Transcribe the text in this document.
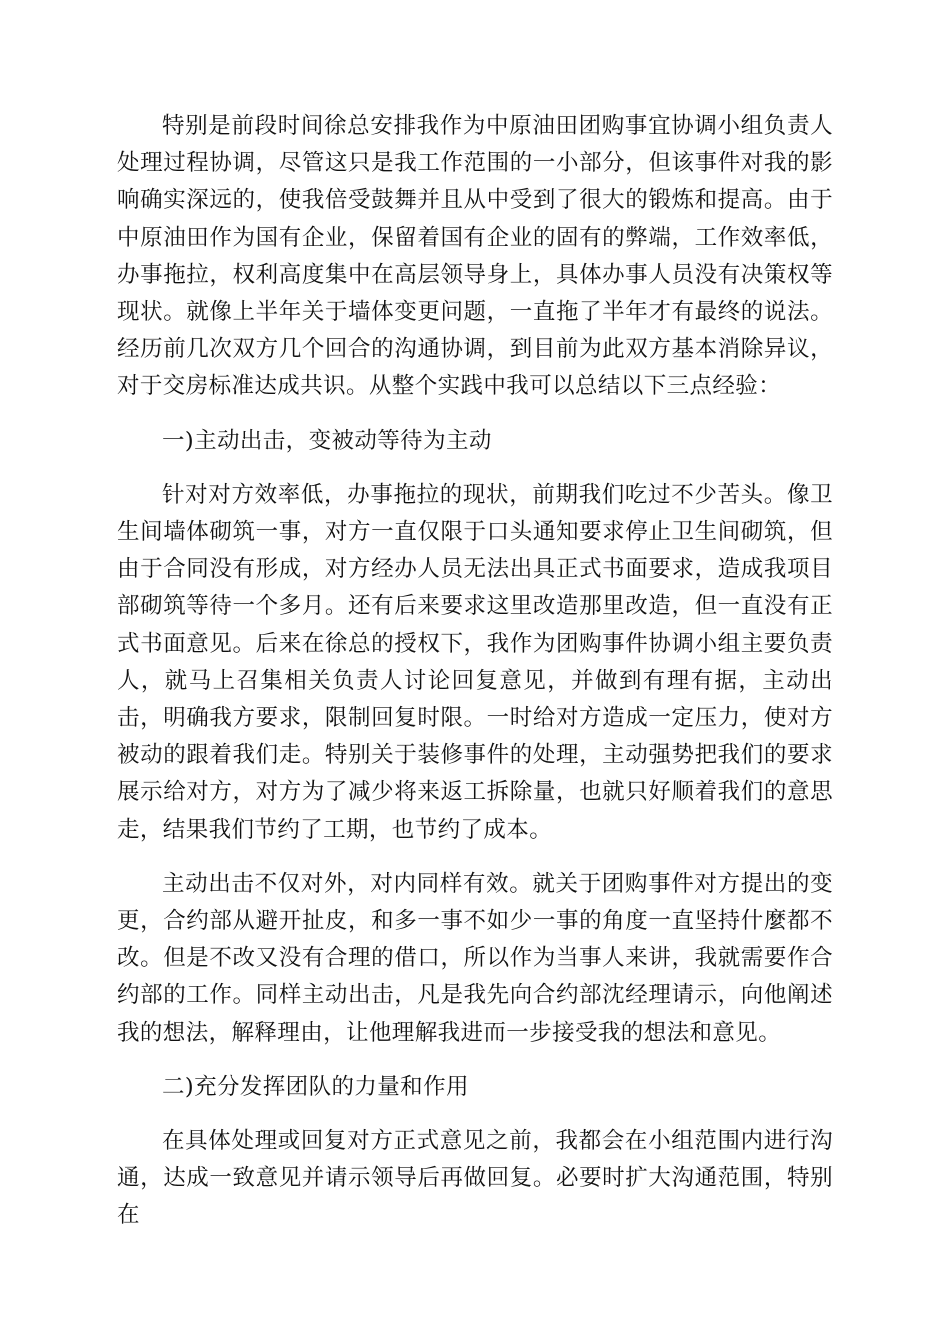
特别是前段时间徐总安排我作为中原油田团购事宜协调小组负责人处理过程协调，尽管这只是我工作范围的一小部分，但该事件对我的影响确实深远的，使我倍受鼓舞并且从中受到了很大的锻炼和提高。由于中原油田作为国有企业，保留着国有企业的固有的弊端，工作效率低，办事拖拉，权利高度集中在高层领导身上，具体办事人员没有决策权等现状。就像上半年关于墙体变更问题，一直拖了半年才有最终的说法。经历前几次双方几个回合的沟通协调，到目前为此双方基本消除异议，对于交房标准达成共识。从整个实践中我可以总结以下三点经验：

一)主动出击，变被动等待为主动

针对对方效率低，办事拖拉的现状，前期我们吃过不少苦头。像卫生间墙体砌筑一事，对方一直仅限于口头通知要求停止卫生间砌筑，但由于合同没有形成，对方经办人员无法出具正式书面要求，造成我项目部砌筑等待一个多月。还有后来要求这里改造那里改造，但一直没有正式书面意见。后来在徐总的授权下，我作为团购事件协调小组主要负责人，就马上召集相关负责人讨论回复意见，并做到有理有据，主动出击，明确我方要求，限制回复时限。一时给对方造成一定压力，使对方被动的跟着我们走。特别关于装修事件的处理，主动强势把我们的要求展示给对方，对方为了减少将来返工拆除量，也就只好顺着我们的意思走，结果我们节约了工期，也节约了成本。

主动出击不仅对外，对内同样有效。就关于团购事件对方提出的变更，合约部从避开扯皮，和多一事不如少一事的角度一直坚持什麼都不改。但是不改又没有合理的借口，所以作为当事人来讲，我就需要作合约部的工作。同样主动出击，凡是我先向合约部沈经理请示，向他阐述我的想法，解释理由，让他理解我进而一步接受我的想法和意见。

二)充分发挥团队的力量和作用

在具体处理或回复对方正式意见之前，我都会在小组范围内进行沟通，达成一致意见并请示领导后再做回复。必要时扩大沟通范围，特别在
